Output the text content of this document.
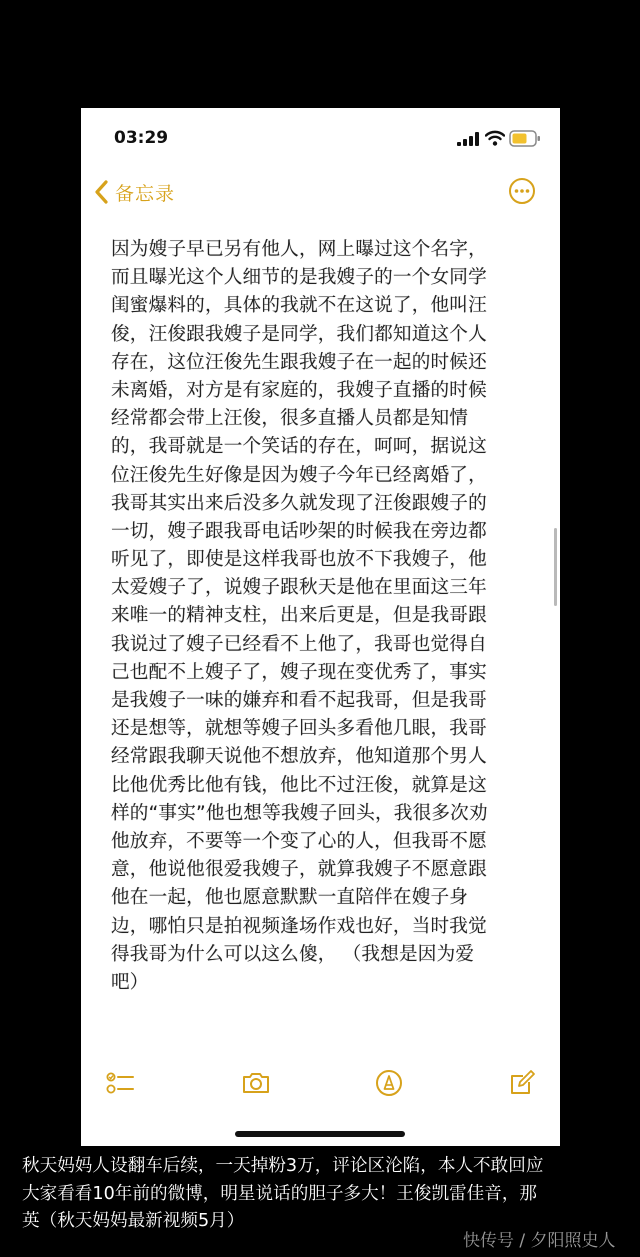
03:29
备忘录
因为嫂子早已另有他人，网上曝过这个名字，
而且曝光这个人细节的是我嫂子的一个女同学
闺蜜爆料的，具体的我就不在这说了，他叫汪
俊，汪俊跟我嫂子是同学，我们都知道这个人
存在，这位汪俊先生跟我嫂子在一起的时候还
未离婚，对方是有家庭的，我嫂子直播的时候
经常都会带上汪俊，很多直播人员都是知情
的，我哥就是一个笑话的存在，呵呵，据说这
位汪俊先生好像是因为嫂子今年已经离婚了，
我哥其实出来后没多久就发现了汪俊跟嫂子的
一切，嫂子跟我哥电话吵架的时候我在旁边都
听见了，即使是这样我哥也放不下我嫂子，他
太爱嫂子了，说嫂子跟秋天是他在里面这三年
来唯一的精神支柱，出来后更是，但是我哥跟
我说过了嫂子已经看不上他了，我哥也觉得自
己也配不上嫂子了，嫂子现在变优秀了，事实
是我嫂子一味的嫌弃和看不起我哥，但是我哥
还是想等，就想等嫂子回头多看他几眼，我哥
经常跟我聊天说他不想放弃，他知道那个男人
比他优秀比他有钱，他比不过汪俊，就算是这
样的“事实”他也想等我嫂子回头，我很多次劝
他放弃，不要等一个变了心的人，但我哥不愿
意，他说他很爱我嫂子，就算我嫂子不愿意跟
他在一起，他也愿意默默一直陪伴在嫂子身
边，哪怕只是拍视频逢场作戏也好，当时我觉
得我哥为什么可以这么傻， （我想是因为爱
吧）
秋天妈妈人设翻车后续，一天掉粉3万，评论区沦陷，本人不敢回应
大家看看10年前的微博，明星说话的胆子多大！王俊凯雷佳音，那
英（秋天妈妈最新视频5月）
快传号 / 夕阳照史人
